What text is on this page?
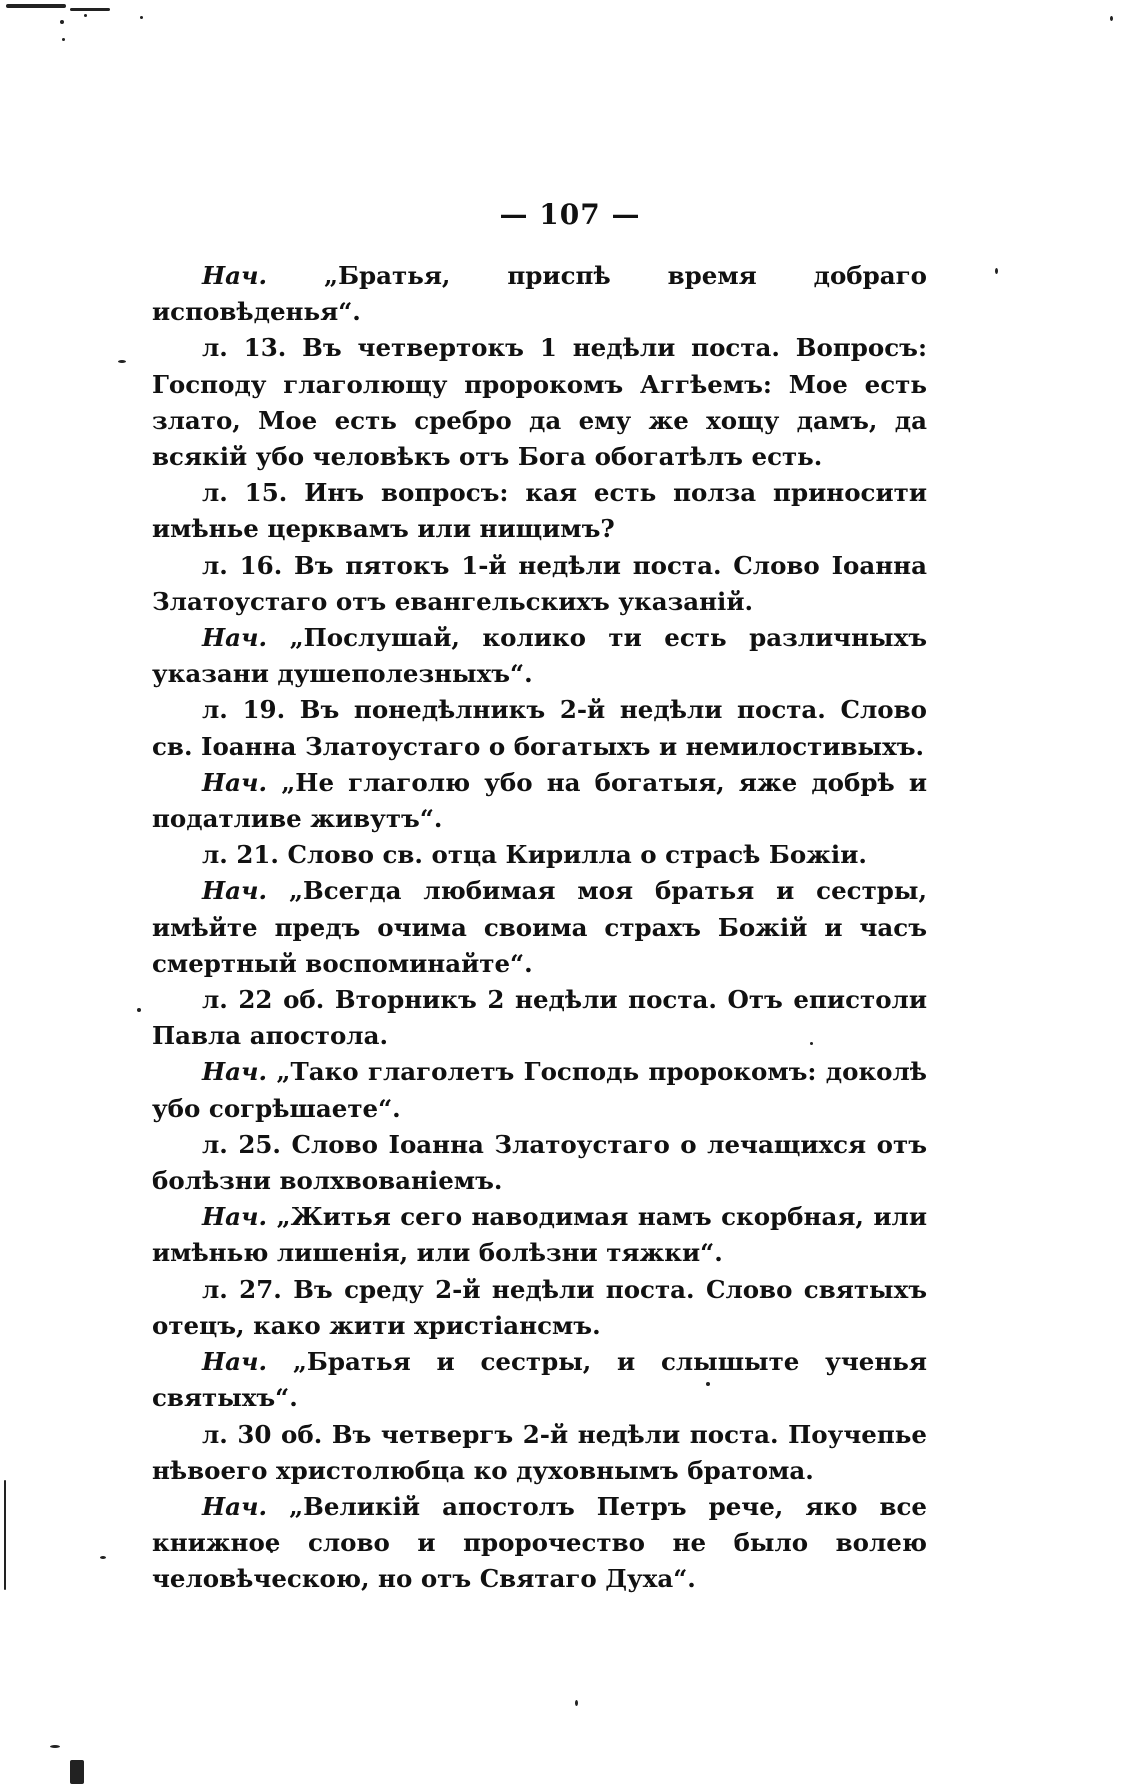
— 107 —

Нач. „Братья, приспѣ время добраго исповѣденья“.

л. 13. Въ четвертокъ 1 недѣли поста. Вопросъ: Господу глаголющу пророкомъ Аггѣемъ: Мое есть злато, Мое есть сребро да ему же хощу дамъ, да всякій убо человѣкъ отъ Бога обогатѣлъ есть.

л. 15. Инъ вопросъ: кая есть полза приносити имѣнье церквамъ или нищимъ?

л. 16. Въ пятокъ 1-й недѣли поста. Слово Іоанна Златоустаго отъ евангельскихъ указаній.

Нач. „Послушай, колико ти есть различныхъ указани душеполезныхъ“.

л. 19. Въ понедѣлникъ 2-й недѣли поста. Слово св. Іоанна Златоустаго о богатыхъ и немилостивыхъ.

Нач. „Не глаголю убо на богатыя, яже добрѣ и податливе живутъ“.

л. 21. Слово св. отца Кирилла о страсѣ Божіи.

Нач. „Всегда любимая моя братья и сестры, имѣйте предъ очима своима страхъ Божій и часъ смертный воспоминайте“.

л. 22 об. Вторникъ 2 недѣли поста. Отъ епистоли Павла апостола.

Нач. „Тако глаголетъ Господь пророкомъ: доколѣ убо согрѣшаете“.

л. 25. Слово Іоанна Златоустаго о лечащихся отъ болѣзни волхвованіемъ.

Нач. „Житья сего наводимая намъ скорбная, или имѣнью лишенія, или болѣзни тяжки“.

л. 27. Въ среду 2-й недѣли поста. Слово святыхъ отецъ, како жити христіансмъ.

Нач. „Братья и сестры, и слышыте ученья святыхъ“.

л. 30 об. Въ четвергъ 2-й недѣли поста. Поучепье нѣвоего христолюбца ко духовнымъ братома.

Нач. „Великій апостолъ Петръ рече, яко все книжное слово и пророчество не было волею человѣческою, но отъ Святаго Духа“.
